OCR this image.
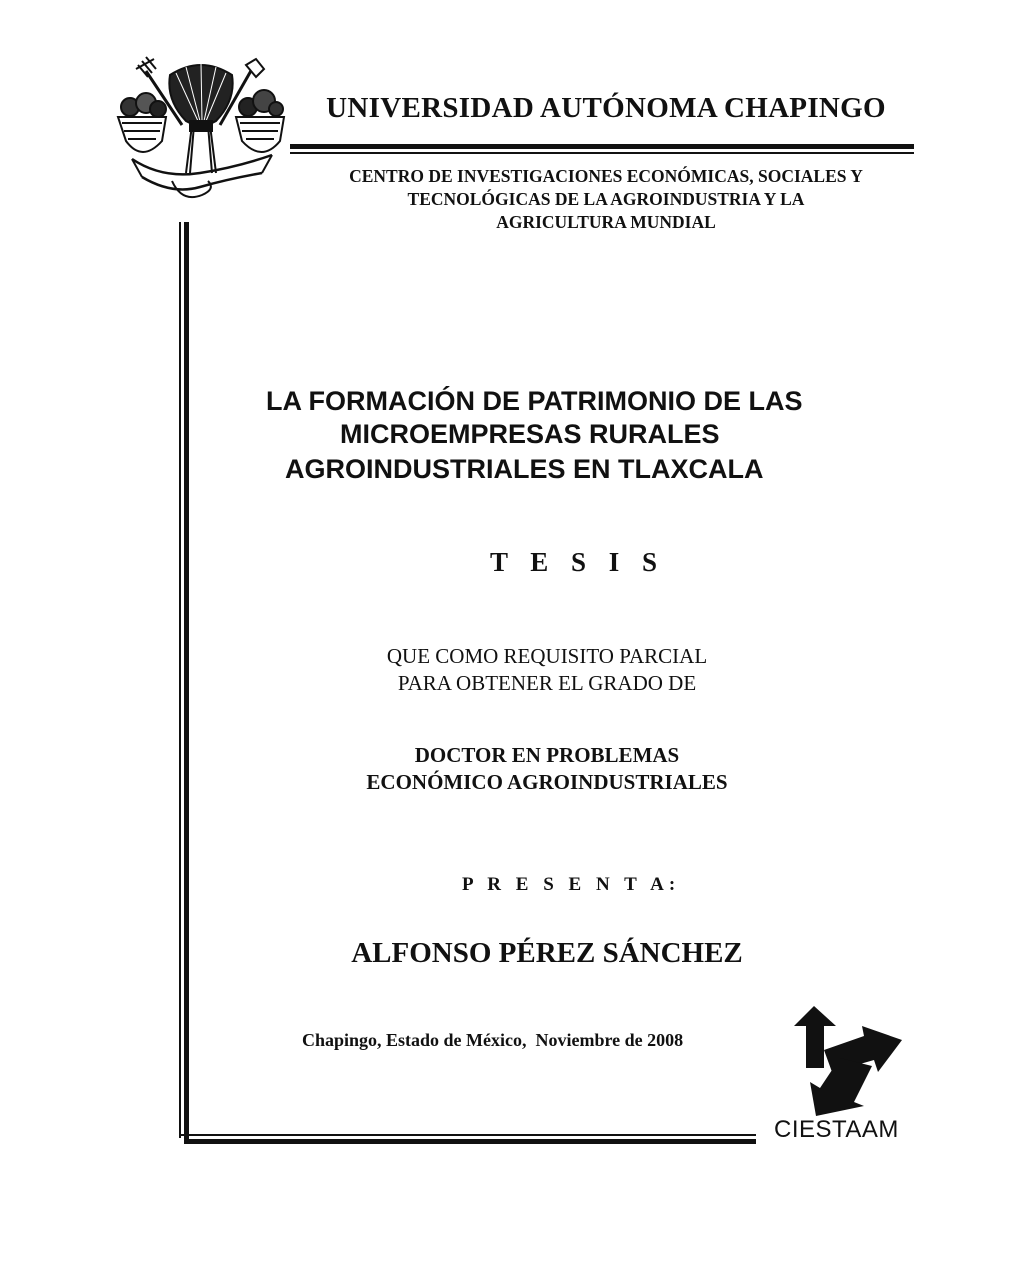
UNIVERSIDAD AUTÓNOMA CHAPINGO
CENTRO DE INVESTIGACIONES ECONÓMICAS, SOCIALES Y
TECNOLÓGICAS DE LA AGROINDUSTRIA Y LA
AGRICULTURA MUNDIAL
LA FORMACIÓN DE PATRIMONIO DE LAS
MICROEMPRESAS RURALES
AGROINDUSTRIALES EN TLAXCALA
T E S I S
QUE COMO REQUISITO PARCIAL
PARA OBTENER EL GRADO DE
DOCTOR EN PROBLEMAS
ECONÓMICO AGROINDUSTRIALES
P R E S E N T A:
ALFONSO PÉREZ SÁNCHEZ
Chapingo, Estado de México,  Noviembre de 2008
CIESTAAM
